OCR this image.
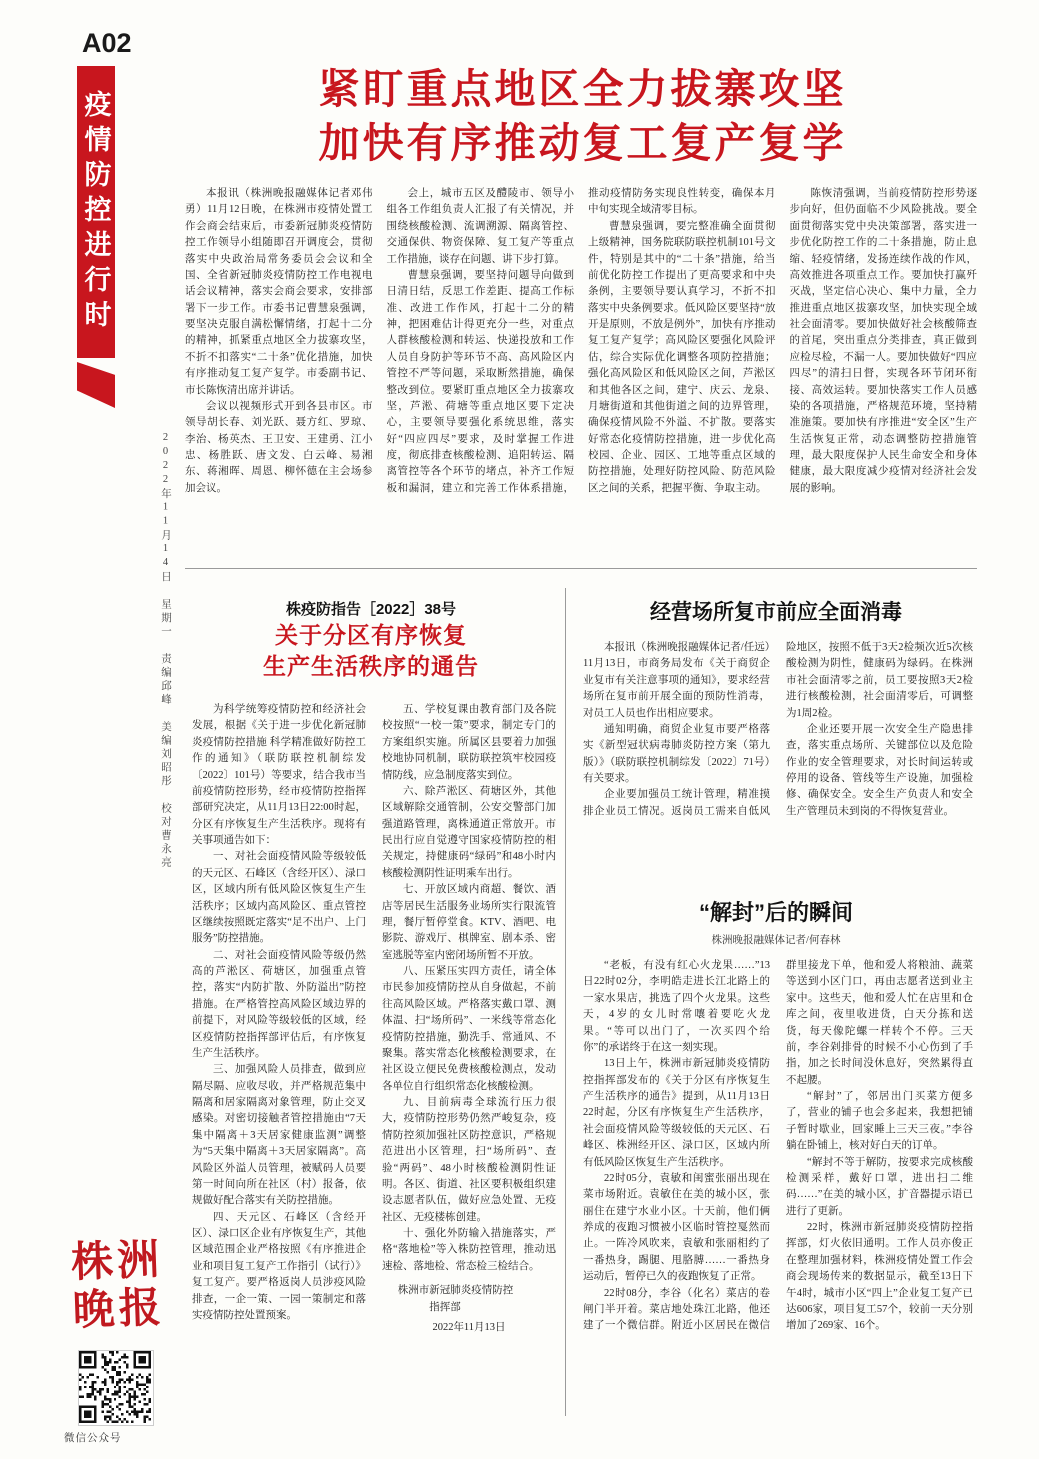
A02
疫情防控进行时
2022年11月14日 星期一 责编邱峰 美编刘昭彤 校对曹永亮
株 洲
晚 报
微信公众号
紧盯重点地区全力拔寨攻坚
加快有序推动复工复产复学

本报讯（株洲晚报融媒体记者邓伟勇）11月12日晚，在株洲市疫情处置工作会商会结束后，市委新冠肺炎疫情防控工作领导小组随即召开调度会，贯彻落实中央政治局常务委员会会议和全国、全省新冠肺炎疫情防控工作电视电话会议精神，落实会商会要求，安排部署下一步工作。市委书记曹慧泉强调，要坚决克服自满松懈情绪，打起十二分的精神，抓紧重点地区全力拔寨攻坚，不折不扣落实“二十条”优化措施，加快有序推动复工复产复学。市委副书记、市长陈恢清出席并讲话。

会议以视频形式开到各县市区。市领导胡长春、刘光跃、聂方红、罗琼、李治、杨英杰、王卫安、王建勇、江小忠、杨胜跃、唐文发、白云峰、易湘东、蒋湘晖、周恩、柳怀德在主会场参加会议。

会上，城市五区及醴陵市、领导小组各工作组负责人汇报了有关情况，并围绕核酸检测、流调溯源、隔离管控、交通保供、物资保障、复工复产等重点工作措施，谈存在问题、讲下步打算。

曹慧泉强调，要坚持问题导向做到日清日结，反思工作差距、提高工作标准、改进工作作风，打起十二分的精神，把困难估计得更充分一些，对重点人群核酸检测和转运、快递投放和工作人员自身防护等环节不高、高风险区内管控不严等问题，采取断然措施，确保整改到位。要紧盯重点地区全力拔寨攻坚，芦淞、荷塘等重点地区要下定决心，主要领导要强化系统思维，落实好“四应四尽”要求，及时掌握工作进度，彻底排查核酸检测、追阳转运、隔离管控等各个环节的堵点，补齐工作短板和漏洞，建立和完善工作体系措施，推动疫情防务实现良性转变，确保本月中旬实现全域清零目标。

曹慧泉强调，要完整准确全面贯彻上级精神，国务院联防联控机制101号文件，特别是其中的“二十条”措施，给当前优化防控工作提出了更高要求和中央条例，主要领导要认真学习，不折不扣落实中央条例要求。低风险区要坚持“放开是原则，不放是例外”，加快有序推动复工复产复学；高风险区要强化风险评估，综合实际优化调整各项防控措施；强化高风险区和低风险区之间，芦淞区和其他各区之间，建宁、庆云、龙泉、月塘街道和其他街道之间的边界管理，确保疫情风险不外溢、不扩散。要落实好常态化疫情防控措施，进一步优化高校园、企业、园区、工地等重点区域的防控措施，处理好防控风险、防范风险区之间的关系，把握平衡、争取主动。

陈恢清强调，当前疫情防控形势逐步向好，但仍面临不少风险挑战。要全面贯彻落实党中央决策部署，落实进一步优化防控工作的二十条措施，防止息缩、轻疫情绪，发扬连续作战的作风，高效推进各项重点工作。要加快打赢歼灭战，坚定信心决心、集中力量，全力推进重点地区拔寨攻坚，加快实现全域社会面清零。要加快做好社会核酸筛查的首尾，突出重点分类排查，真正做到应检尽检，不漏一人。要加快做好“四应四尽”的清扫日督，实现各环节闭环衔接、高效运转。要加快落实工作人员感染的各项措施，严格规范环境，坚持精准施策。要加快有序推进“安全区”生产生活恢复正常，动态调整防控措施管理，最大限度保护人民生命安全和身体健康，最大限度减少疫情对经济社会发展的影响。

株疫防指告［2022］38号
关于分区有序恢复
生产生活秩序的通告

为科学统筹疫情防控和经济社会发展，根据《关于进一步优化新冠肺炎疫情防控措施 科学精准做好防控工作的通知》（联防联控机制综发〔2022〕101号）等要求，结合我市当前疫情防控形势，经市疫情防控指挥部研究决定，从11月13日22:00时起，分区有序恢复生产生活秩序。现将有关事项通告如下：

一、对社会面疫情风险等级较低的天元区、石峰区（含经开区）、渌口区，区域内所有低风险区恢复生产生活秩序；区域内高风险区、重点管控区继续按照既定落实“足不出户、上门服务”防控措施。

二、对社会面疫情风险等级仍然高的芦淞区、荷塘区，加强重点管控，落实“内防扩散、外防溢出”防控措施。在严格管控高风险区域边界的前提下，对风险等级较低的区域，经区疫情防控指挥部评估后，有序恢复生产生活秩序。

三、加强风险人员排查，做到应隔尽隔、应收尽收，并严格规范集中隔离和居家隔离对象管理，防止交叉感染。对密切接触者管控措施由“7天集中隔离＋3天居家健康监测”调整为“5天集中隔离＋3天居家隔离”。高风险区外溢人员管理，被赋码人员要第一时间向所在社区（村）报备，依规做好配合落实有关防控措施。

四、天元区、石峰区（含经开区）、渌口区企业有序恢复生产，其他区域范围企业严格按照《有序推进企业和项目复工复产工作指引（试行）》复工复产。要严格返岗人员涉疫风险排查，一企一策、一园一策制定和落实疫情防控处置预案。

五、学校复课由教育部门及各院校按照“一校一策”要求，制定专门的方案组织实施。所属区县要着力加强校地协同机制，联防联控筑牢校园疫情防线，应急制度落实到位。

六、除芦淞区、荷塘区外，其他区域解除交通管制，公安交警部门加强道路管理，离株通道正常放开。市民出行应自觉遵守国家疫情防控的相关规定，持健康码“绿码”和48小时内核酸检测阴性证明乘车出行。

七、开放区域内商超、餐饮、酒店等居民生活服务业场所实行限流管理，餐厅暂停堂食。KTV、酒吧、电影院、游戏厅、棋牌室、剧本杀、密室逃脱等室内密闭场所暂不开放。

八、压紧压实四方责任，请全体市民参加疫情防控从自身做起，不前往高风险区域。严格落实戴口罩、测体温、扫“场所码”、一米线等常态化疫情防控措施，勤洗手、常通风、不聚集。落实常态化核酸检测要求，在社区设立便民免费核酸检测点，发动各单位自行组织常态化核酸检测。

九、目前病毒全球流行压力很大，疫情防控形势仍然严峻复杂，疫情防控须加强社区防控意识，严格规范进出小区管理，扫“场所码”、查验“两码”、48小时核酸检测阴性证明。各区、街道、社区要积极组织建设志愿者队伍，做好应急处置、无疫社区、无疫楼栋创建。

十、强化外防输入措施落实，严格“落地检”等入株防控管理，推动迅速检、落地检、常态检三检结合。

株洲市新冠肺炎疫情防控

指挥部

2022年11月13日

经营场所复市前应全面消毒

本报讯（株洲晚报融媒体记者/任远）11月13日，市商务局发布《关于商贸企业复市有关注意事项的通知》，要求经营场所在复市前开展全面的预防性消毒，对员工人员也作出相应要求。

通知明确，商贸企业复市要严格落实《新型冠状病毒肺炎防控方案（第九版）》（联防联控机制综发〔2022〕71号）有关要求。

企业要加强员工统计管理，精准摸排企业员工情况。返岗员工需来自低风险地区，按照不低于3天2检频次近5次核酸检测为阴性，健康码为绿码。在株洲市社会面清零之前，员工要按照3天2检进行核酸检测，社会面清零后，可调整为1周2检。

企业还要开展一次安全生产隐患排查，落实重点场所、关键部位以及危险作业的安全管理要求，对长时间运转或停用的设备、管线等生产设施，加强检修、确保安全。安全生产负责人和安全生产管理员未到岗的不得恢复营业。

“解封”后的瞬间
株洲晚报融媒体记者/何春林

“老板，有没有红心火龙果……”13日22时02分，李明皓走进长江北路上的一家水果店，挑选了四个火龙果。这些天，4岁的女儿时常嚷着要吃火龙果。“等可以出门了，一次买四个给你”的承诺终于在这一刻实现。

13日上午，株洲市新冠肺炎疫情防控指挥部发布的《关于分区有序恢复生产生活秩序的通告》提到，从11月13日22时起，分区有序恢复生产生活秩序，社会面疫情风险等级较低的天元区、石峰区、株洲经开区、渌口区，区域内所有低风险区恢复生产生活秩序。

22时05分，袁敏和闺蜜张丽出现在菜市场附近。袁敏住在美的城小区，张丽住在建宁水业小区。十天前，他们俩养成的夜跑习惯被小区临时管控戛然而止。一阵冷风吹来，袁敏和张丽相约了一番热身，踢腿、甩胳膊……一番热身运动后，暂停已久的夜跑恢复了正常。

22时08分，李谷（化名）菜店的卷闸门半开着。菜店地处珠江北路，他还建了一个微信群。附近小区居民在微信群里接龙下单，他和爱人将粮油、蔬菜等送到小区门口，再由志愿者送到业主家中。这些天，他和爱人忙在店里和仓库之间，夜里收进货，白天分拣和送货，每天像陀螺一样转个不停。三天前，李谷剁排骨的时候不小心伤到了手指，加之长时间没休息好，突然累得直不起腰。

“解封”了，邻居出门买菜方便多了，营业的铺子也会多起来，我想把铺子暂时歇业，回家睡上三天三夜。”李谷躺在卧铺上，核对好白天的订单。

“解封不等于解防，按要求完成核酸检测采样，戴好口罩，进出扫二维码……”在美的城小区，扩音器提示语已进行了更新。

22时，株洲市新冠肺炎疫情防控指挥部，灯火依旧通明。工作人员亦俊正在整理加强材料，株洲疫情处置工作会商会现场传来的数据显示，截至13日下午4时，城市小区“四上”企业复工复产已达606家，项目复工57个，较前一天分别增加了269家、16个。
